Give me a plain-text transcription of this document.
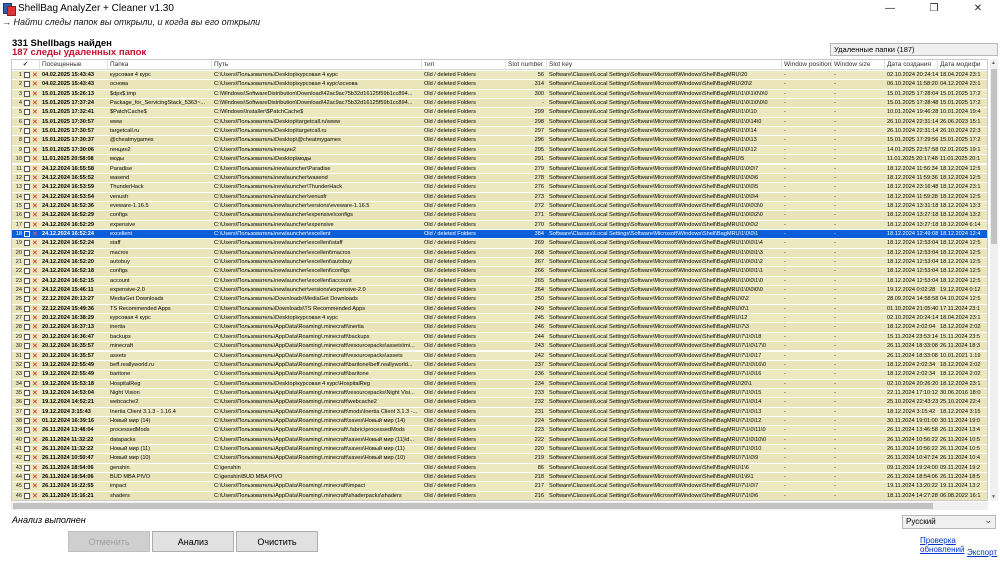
ShellBag AnalyZer + Cleaner v1.30	—	❐	✕
→ Найти следы папок вы открыли, и когда вы его открыли
331 Shellbags найден
187 следы удаленных папок	Удаленные папки (187)
✔	Посещенные	Папка	Путь	тип	Slot number Slot key	Window position Window size	Дата создания	Дата модифи
1 ✕ 04.02.2025 15:43:43	курсовая 4 курс	C:\Users\Пользователь\Desktop\курсовая 4 курс	Old / deleted Folders	56 Software\Classes\Local Settings\Software\Microsoft\Windows\Shell\BagMRU\20	-	-	02.10.2024 20:24:14 18.04.2024 23:1
2 ✕ 04.02.2025 15:43:43	основа	C:\Users\Пользователь\Desktop\курсовая 4 курс\основа	Old / deleted Folders	314 Software\Classes\Local Settings\Software\Microsoft\Windows\Shell\BagMRU\20\2	-	-	06.10.2024 11:58:20 04.12.2024 23:1
3 ✕ 15.01.2025 15:26:13	$dpx$.tmp	C:\Windows\SoftwareDistribution\Download\42ac9ac75b32d16125f59b1cc894...	Old / deleted Folders	300 Software\Classes\Local Settings\Software\Microsoft\Windows\Shell\BagMRU\1\0\1\0\0\0	-	-	15.01.2025 17:28:04 15.01.2025 17:2
4 ✕ 15.01.2025 17:37:24	Package_for_ServicingStack_5363~...	C:\Windows\SoftwareDistribution\Download\42ac9ac75b32d16125f59b1cc894...	Old / deleted Folders	- Software\Classes\Local Settings\Software\Microsoft\Windows\Shell\BagMRU\1\0\1\0\0\0	-	-	15.01.2025 17:28:48 15.01.2025 17:2
5 ✕ 15.01.2025 17:32:41	$PatchCache$	C:\Windows\Installer\$PatchCache$	Old / deleted Folders	299 Software\Classes\Local Settings\Software\Microsoft\Windows\Shell\BagMRU\1\0\10	-	-	10.01.2024 19:46:28 10.01.2024 19:4
6 ✕ 15.01.2025 17:30:57	www	C:\Users\Пользователь\Desktop\targetcall.ru\www	Old / deleted Folders	298 Software\Classes\Local Settings\Software\Microsoft\Windows\Shell\BagMRU\1\0\14\0	-	-	26.10.2024 22:31:14 26.06.2023 15:1
7 ✕ 15.01.2025 17:30:57	targetcall.ru	C:\Users\Пользователь\Desktop\targetcall.ru	Old / deleted Folders	297 Software\Classes\Local Settings\Software\Microsoft\Windows\Shell\BagMRU\1\0\14	-	-	26.10.2024 22:31:14 26.10.2024 22:3
8 ✕ 15.01.2025 17:30:37	@cheatmygames	C:\Users\Пользователь\Desktop\@cheatmygames	Old / deleted Folders	296 Software\Classes\Local Settings\Software\Microsoft\Windows\Shell\BagMRU\1\0\13	-	-	15.01.2025 17:29:56 15.01.2025 17:2
9 ✕ 15.01.2025 17:30:06	генцин2	C:\Users\Пользователь\генцин2	Old / deleted Folders	295 Software\Classes\Local Settings\Software\Microsoft\Windows\Shell\BagMRU\1\0\12	-	-	14.01.2025 22:57:58 02.01.2025 19:1
10 ✕ 11.01.2025 20:58:08	моды	C:\Users\Пользователь\Desktop\моды	Old / deleted Folders	291 Software\Classes\Local Settings\Software\Microsoft\Windows\Shell\BagMRU\5	-	-	11.01.2025 20:17:48 11.01.2025 20:1
11 ✕ 24.12.2024 16:55:58	Paradise	C:\Users\Пользователь\newlauncher\Paradise	Old / deleted Folders	279 Software\Classes\Local Settings\Software\Microsoft\Windows\Shell\BagMRU\1\0\0\7	-	-	18.12.2024 11:56:34 18.12.2024 12:5
12 ✕ 24.12.2024 16:55:52	wasend	C:\Users\Пользователь\newlauncher\wasend	Old / deleted Folders	278 Software\Classes\Local Settings\Software\Microsoft\Windows\Shell\BagMRU\1\0\0\6	-	-	18.12.2024 11:59:36 18.12.2024 12:5
13 ✕ 24.12.2024 16:53:59	ThunderHack	C:\Users\Пользователь\newlauncher\ThunderHack	Old / deleted Folders	276 Software\Classes\Local Settings\Software\Microsoft\Windows\Shell\BagMRU\1\0\0\5	-	-	18.12.2024 23:16:48 18.12.2024 23:1
14 ✕ 24.12.2024 16:53:54	venusfr	C:\Users\Пользователь\newlauncher\venusfr	Old / deleted Folders	273 Software\Classes\Local Settings\Software\Microsoft\Windows\Shell\BagMRU\1\0\0\4	-	-	18.12.2024 11:59:28 18.12.2024 12:5
15 ✕ 24.12.2024 16:52:36	eveware-1.16.5	C:\Users\Пользователь\newlauncher\versions\eveware-1.16.5	Old / deleted Folders	272 Software\Classes\Local Settings\Software\Microsoft\Windows\Shell\BagMRU\1\0\0\3\0	-	-	18.12.2024 13:31:18 18.12.2024 13:3
16 ✕ 24.12.2024 16:52:29	configs	C:\Users\Пользователь\newlauncher\expensive\configs	Old / deleted Folders	271 Software\Classes\Local Settings\Software\Microsoft\Windows\Shell\BagMRU\1\0\0\2\0	-	-	18.12.2024 13:27:18 18.12.2024 13:2
17 ✕ 24.12.2024 16:52:29	expensive	C:\Users\Пользователь\newlauncher\expensive	Old / deleted Folders	270 Software\Classes\Local Settings\Software\Microsoft\Windows\Shell\BagMRU\1\0\0\2	-	-	18.12.2024 13:27:18 18.12.2024 6:14
18 ✕ 24.12.2024 16:52:24	excellent	C:\Users\Пользователь\newlauncher\excellent	Old / deleted Folders	384 Software\Classes\Local Settings\Software\Microsoft\Windows\Shell\BagMRU\1\0\0\1	-	-	18.12.2024 12:49:08 18.12.2024 12:4
19 ✕ 24.12.2024 16:52:24	staff	C:\Users\Пользователь\newlauncher\excellent\staff	Old / deleted Folders	269 Software\Classes\Local Settings\Software\Microsoft\Windows\Shell\BagMRU\1\0\0\1\4	-	-	18.12.2024 12:53:04 18.12.2024 12:5
20 ✕ 24.12.2024 16:52:22	macros	C:\Users\Пользователь\newlauncher\excellent\macros	Old / deleted Folders	268 Software\Classes\Local Settings\Software\Microsoft\Windows\Shell\BagMRU\1\0\0\1\3	-	-	18.12.2024 12:53:04 18.12.2024 12:5
21 ✕ 24.12.2024 16:52:20	autobuy	C:\Users\Пользователь\newlauncher\excellent\autobuy	Old / deleted Folders	267 Software\Classes\Local Settings\Software\Microsoft\Windows\Shell\BagMRU\1\0\0\1\2	-	-	18.12.2024 12:53:04 18.12.2024 12:5
22 ✕ 24.12.2024 16:52:18	configs	C:\Users\Пользователь\newlauncher\excellent\configs	Old / deleted Folders	266 Software\Classes\Local Settings\Software\Microsoft\Windows\Shell\BagMRU\1\0\0\1\1	-	-	18.12.2024 12:53:04 18.12.2024 12:5
23 ✕ 24.12.2024 16:52:15	account	C:\Users\Пользователь\newlauncher\excellent\account	Old / deleted Folders	265 Software\Classes\Local Settings\Software\Microsoft\Windows\Shell\BagMRU\1\0\0\1\0	-	-	18.12.2024 12:53:04 18.12.2024 12:5
24 ✕ 24.12.2024 15:46:11	expensive-2.0	C:\Users\Пользователь\newlauncher\versions\expensive-2.0	Old / deleted Folders	264 Software\Classes\Local Settings\Software\Microsoft\Windows\Shell\BagMRU\1\0\0\0\0	-	-	19.12.2024 0:02:28 19.12.2024 0:12
25 ✕ 22.12.2024 20:13:27	MediaGet Downloads	C:\Users\Пользователь\Downloads\MediaGet Downloads	Old / deleted Folders	250 Software\Classes\Local Settings\Software\Microsoft\Windows\Shell\BagMRU\0\2	-	-	28.09.2024 14:58:58 04.10.2024 12:5
26 ✕ 22.12.2024 15:49:36	TS Recommended Apps	C:\Users\Пользователь\Downloads\TS Recommended Apps	Old / deleted Folders	249 Software\Classes\Local Settings\Software\Microsoft\Windows\Shell\BagMRU\0\1	-	-	01.10.2024 21:05:40 17.11.2024 23:1
27 ✕ 20.12.2024 16:38:29	курсовая 4 курс	C:\Users\Пользователь\Desktop\курсовая 4 курс	Old / deleted Folders	245 Software\Classes\Local Settings\Software\Microsoft\Windows\Shell\BagMRU\12	-	-	02.10.2024 20:24:14 18.04.2024 23:1
28 ✕ 20.12.2024 16:37:13	inertia	C:\Users\Пользователь\AppData\Roaming\.minecraft\inertia	Old / deleted Folders	246 Software\Classes\Local Settings\Software\Microsoft\Windows\Shell\BagMRU\7\3	-	-	18.12.2024 2:02:04 18.12.2024 2:02
29 ✕ 20.12.2024 16:36:47	backups	C:\Users\Пользователь\AppData\Roaming\.minecraft\backups	Old / deleted Folders	244 Software\Classes\Local Settings\Software\Microsoft\Windows\Shell\BagMRU\7\1\0\18	-	-	15.11.2024 23:53:14 15.11.2024 23:5
30 ✕ 20.12.2024 16:35:57	minecraft	C:\Users\Пользователь\AppData\Roaming\.minecraft\resourcepacks\assets\mi...	Old / deleted Folders	243 Software\Classes\Local Settings\Software\Microsoft\Windows\Shell\BagMRU\7\1\0\17\0	-	-	26.11.2024 18:33:08 26.11.2024 18:3
31 ✕ 20.12.2024 16:35:57	assets	C:\Users\Пользователь\AppData\Roaming\.minecraft\resourcepacks\assets	Old / deleted Folders	242 Software\Classes\Local Settings\Software\Microsoft\Windows\Shell\BagMRU\7\1\0\17	-	-	26.11.2024 18:33:08 10.01.2021 1:19
32 ✕ 19.12.2024 22:55:49	beff.reallyworld.ru	C:\Users\Пользователь\AppData\Roaming\.minecraft\baritone\beff.reallyworld...	Old / deleted Folders	237 Software\Classes\Local Settings\Software\Microsoft\Windows\Shell\BagMRU\7\1\0\16\0	-	-	18.12.2024 2:02:34 18.12.2024 2:02
33 ✕ 19.12.2024 22:55:49	baritone	C:\Users\Пользователь\AppData\Roaming\.minecraft\baritone	Old / deleted Folders	236 Software\Classes\Local Settings\Software\Microsoft\Windows\Shell\BagMRU\7\1\0\16	-	-	18.12.2024 2:02:34 18.12.2024 2:02
34 ✕ 19.12.2024 15:53:18	HospitalReg	C:\Users\Пользователь\Desktop\курсовая 4 курс\HospitalReg	Old / deleted Folders	234 Software\Classes\Local Settings\Software\Microsoft\Windows\Shell\BagMRU\20\1	-	-	02.10.2024 20:26:20 18.12.2024 23:1
35 ✕ 19.12.2024 14:53:04	Night Vision	C:\Users\Пользователь\AppData\Roaming\.minecraft\resourcepacks\Night Visi...	Old / deleted Folders	233 Software\Classes\Local Settings\Software\Microsoft\Windows\Shell\BagMRU\7\1\0\15	-	-	22.11.2024 17:10:12 30.06.2016 18:0
36 ✕ 19.12.2024 14:52:21	webcache2	C:\Users\Пользователь\AppData\Roaming\.minecraft\webcache2	Old / deleted Folders	232 Software\Classes\Local Settings\Software\Microsoft\Windows\Shell\BagMRU\7\1\0\14	-	-	25.10.2024 22:43:23 25.10.2024 22:4
37 ✕ 19.12.2024 3:15:43	Inertia Client 3.1.3 - 1.16.4	C:\Users\Пользователь\AppData\Roaming\.minecraft\mods\Inertia Client 3.1.3 -...	Old / deleted Folders	231 Software\Classes\Local Settings\Software\Microsoft\Windows\Shell\BagMRU\7\1\0\13	-	-	18.12.2024 3:15:42 18.12.2024 3:15
38 ✕ 01.12.2024 16:39:16	Новый мир (14)	C:\Users\Пользователь\AppData\Roaming\.minecraft\saves\Новый мир (14)	Old / deleted Folders	224 Software\Classes\Local Settings\Software\Microsoft\Windows\Shell\BagMRU\7\1\0\12	-	-	30.11.2024 19:01:00 30.11.2024 19:0
39 ✕ 26.11.2024 13:48:04	processedMods	C:\Users\Пользователь\AppData\Roaming\.minecraft\.fabric\processedMods	Old / deleted Folders	223 Software\Classes\Local Settings\Software\Microsoft\Windows\Shell\BagMRU\7\1\0\11\0	-	-	26.11.2024 13:46:58 26.11.2024 13:4
40 ✕ 26.11.2024 11:32:22	datapacks	C:\Users\Пользователь\AppData\Roaming\.minecraft\saves\Новый мир (11)\d...	Old / deleted Folders	222 Software\Classes\Local Settings\Software\Microsoft\Windows\Shell\BagMRU\7\1\0\10\0	-	-	26.11.2024 10:56:22 26.11.2024 10:5
41 ✕ 26.11.2024 11:32:22	Новый мир (11)	C:\Users\Пользователь\AppData\Roaming\.minecraft\saves\Новый мир (11)	Old / deleted Folders	220 Software\Classes\Local Settings\Software\Microsoft\Windows\Shell\BagMRU\7\1\0\10	-	-	26.11.2024 10:56:22 26.11.2024 10:5
42 ✕ 26.11.2024 10:50:47	Новый мир (10)	C:\Users\Пользователь\AppData\Roaming\.minecraft\saves\Новый мир (10)	Old / deleted Folders	219 Software\Classes\Local Settings\Software\Microsoft\Windows\Shell\BagMRU\7\1\0\9	-	-	26.11.2024 10:47:24 26.11.2024 10:4
43 ✕ 26.11.2024 18:54:06	genshin	C:\genshin	Old / deleted Folders	86 Software\Classes\Local Settings\Software\Microsoft\Windows\Shell\BagMRU\1\6	-	-	09.11.2024 19:24:00 09.11.2024 19:2
44 ✕ 26.11.2024 18:54:06	BUD MBA PIVO	C:\genshin\BUD MBA PIVO	Old / deleted Folders	218 Software\Classes\Local Settings\Software\Microsoft\Windows\Shell\BagMRU\1\6\1	-	-	26.11.2024 18:54:06 26.11.2024 18:5
45 ✕ 26.11.2024 16:22:55	impact	C:\Users\Пользователь\AppData\Roaming\.minecraft\impact	Old / deleted Folders	217 Software\Classes\Local Settings\Software\Microsoft\Windows\Shell\BagMRU\7\1\0\7	-	-	19.11.2024 13:20:22 19.11.2024 13:2
46 ✕ 26.11.2024 15:16:21	shaders	C:\Users\Пользователь\AppData\Roaming\.minecraft\shaderpacks\shaders	Old / deleted Folders	216 Software\Classes\Local Settings\Software\Microsoft\Windows\Shell\BagMRU\7\1\0\6	-	-	18.11.2024 14:27:28 06.08.2022 16:1
▲
▼
Анализ выполнен	Русский ⌄
Отменить	Анализ	Очистить	Проверка обновлений Экспорт
